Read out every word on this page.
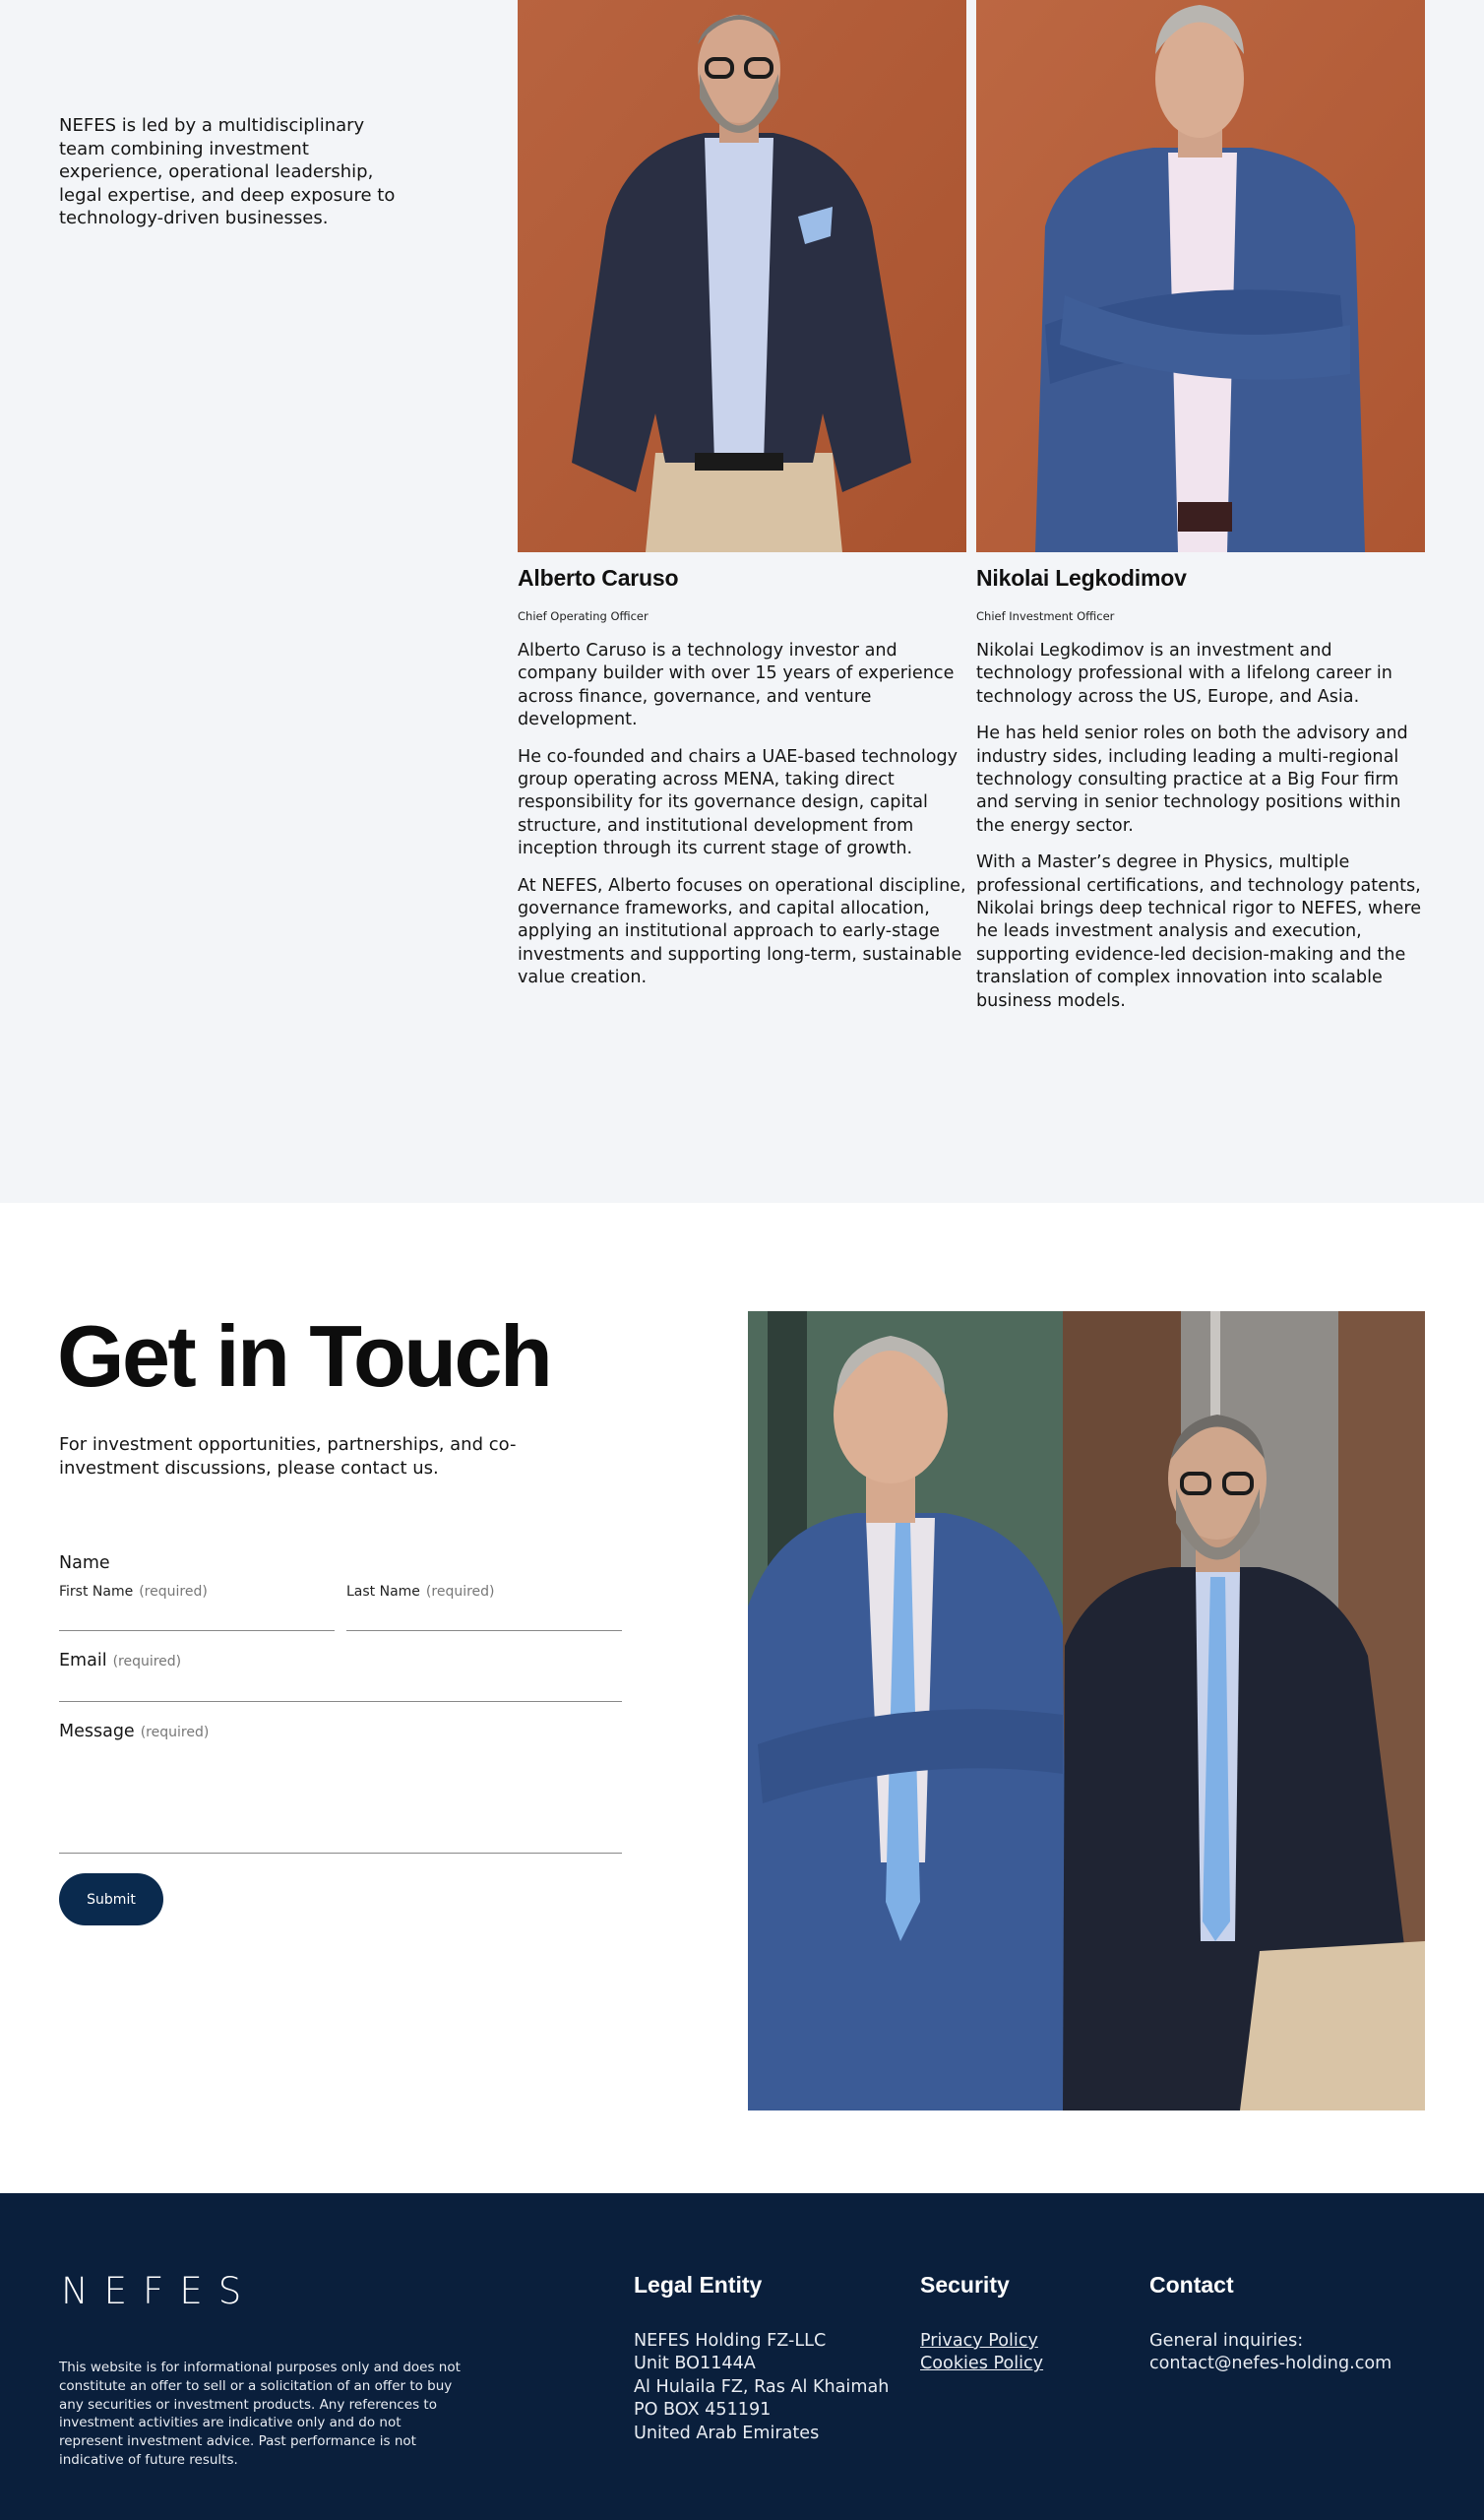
NEFES is led by a multidisciplinary team combining investment experience, operational leadership, legal expertise, and deep exposure to technology-driven businesses.

Alberto Caruso

Chief Operating Officer

Alberto Caruso is a technology investor and company builder with over 15 years of experience across finance, governance, and venture development.

He co-founded and chairs a UAE-based technology group operating across MENA, taking direct responsibility for its governance design, capital structure, and institutional development from inception through its current stage of growth.

At NEFES, Alberto focuses on operational discipline, governance frameworks, and capital allocation, applying an institutional approach to early-stage investments and supporting long-term, sustainable value creation.

Nikolai Legkodimov

Chief Investment Officer

Nikolai Legkodimov is an investment and technology professional with a lifelong career in technology across the US, Europe, and Asia.

He has held senior roles on both the advisory and industry sides, including leading a multi-regional technology consulting practice at a Big Four firm and serving in senior technology positions within the energy sector.

With a Master’s degree in Physics, multiple professional certifications, and technology patents, Nikolai brings deep technical rigor to NEFES, where he leads investment analysis and execution, supporting evidence-led decision-making and the translation of complex innovation into scalable business models.

Get in Touch

For investment opportunities, partnerships, and co-investment discussions, please contact us.

Name
First Name (required)	Last Name (required)
Email (required)
Message (required)
Submit
NEFES

This website is for informational purposes only and does not constitute an offer to sell or a solicitation of an offer to buy any securities or investment products. Any references to investment activities are indicative only and do not represent investment advice. Past performance is not indicative of future results.

Legal Entity
NEFES Holding FZ-LLC
Unit BO1144A
Al Hulaila FZ, Ras Al Khaimah
PO BOX 451191
United Arab Emirates
Security
Privacy Policy
Cookies Policy
Contact
General inquiries:
contact@nefes-holding.com
